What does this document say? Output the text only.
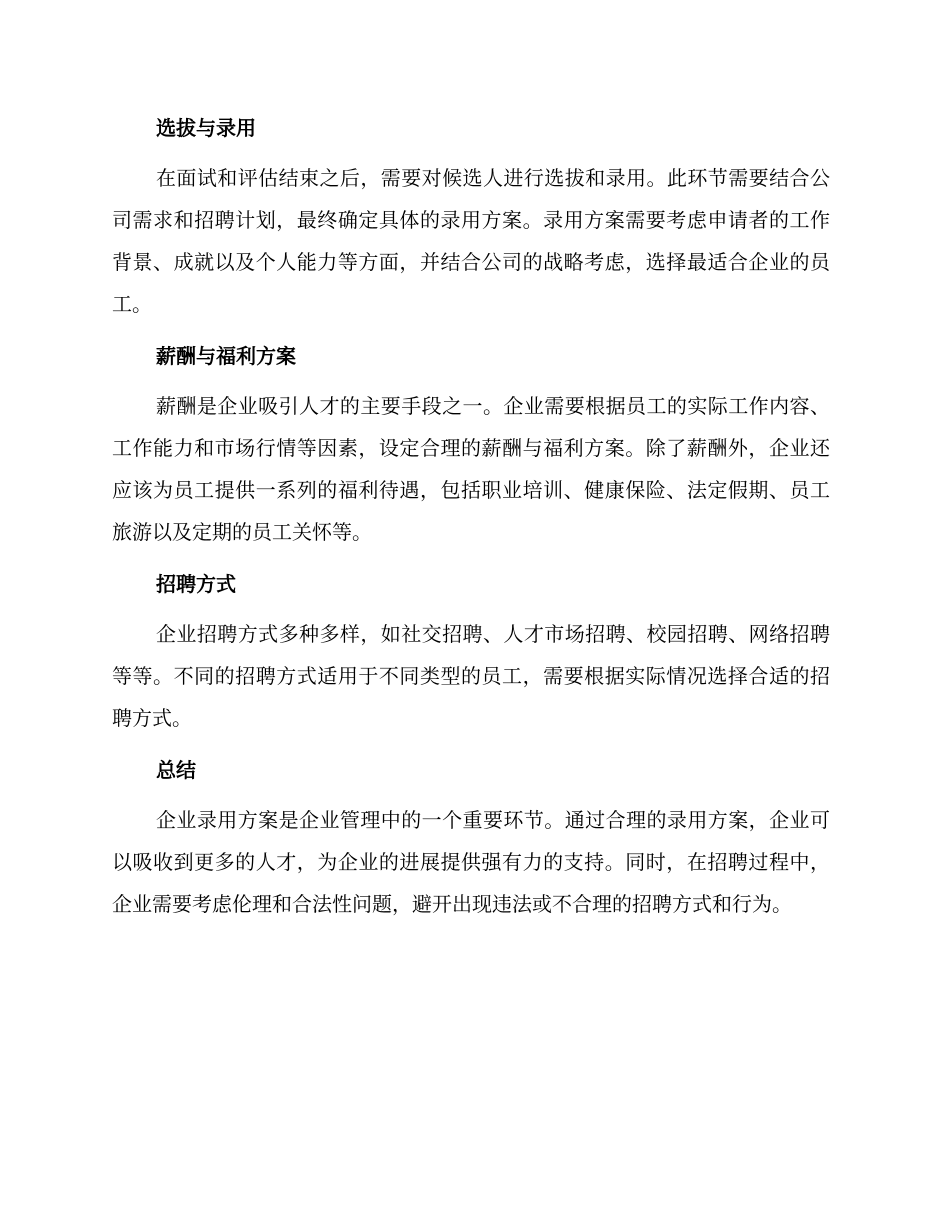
选拔与录用

在面试和评估结束之后，需要对候选人进行选拔和录用。此环节需要结合公司需求和招聘计划，最终确定具体的录用方案。录用方案需要考虑申请者的工作背景、成就以及个人能力等方面，并结合公司的战略考虑，选择最适合企业的员工。

薪酬与福利方案

薪酬是企业吸引人才的主要手段之一。企业需要根据员工的实际工作内容、工作能力和市场行情等因素，设定合理的薪酬与福利方案。除了薪酬外，企业还应该为员工提供一系列的福利待遇，包括职业培训、健康保险、法定假期、员工旅游以及定期的员工关怀等。

招聘方式

企业招聘方式多种多样，如社交招聘、人才市场招聘、校园招聘、网络招聘等等。不同的招聘方式适用于不同类型的员工，需要根据实际情况选择合适的招聘方式。

总结

企业录用方案是企业管理中的一个重要环节。通过合理的录用方案，企业可以吸收到更多的人才，为企业的进展提供强有力的支持。同时，在招聘过程中，企业需要考虑伦理和合法性问题，避开出现违法或不合理的招聘方式和行为。
